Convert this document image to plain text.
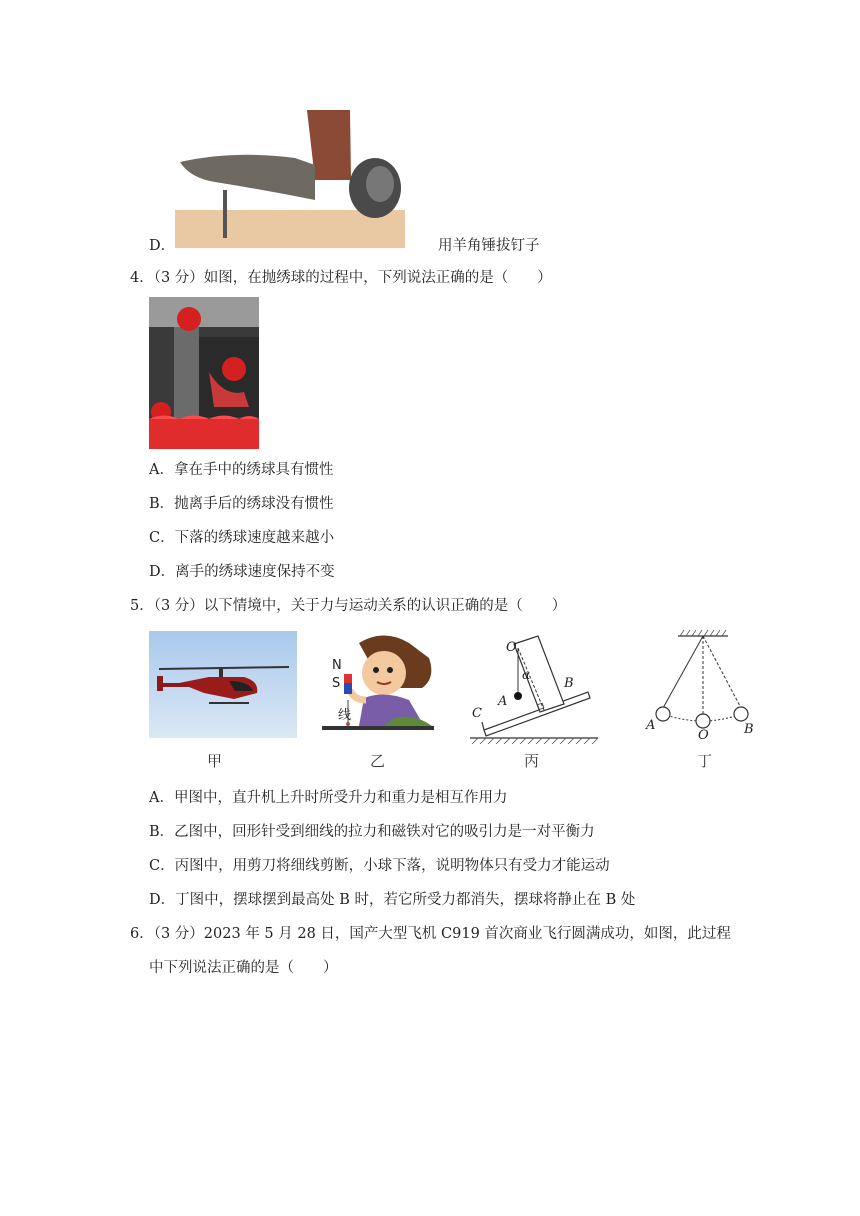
D．	用羊角锤拔钉子
4．（3 分）如图，在抛绣球的过程中，下列说法正确的是（　　）
A．拿在手中的绣球具有惯性
B．抛离手后的绣球没有惯性
C．下落的绣球速度越来越小
D．离手的绣球速度保持不变
5．（3 分）以下情境中，关于力与运动关系的认识正确的是（　　）
甲
N
S
线
乙
O
α
A
B
C
丙
A
O	B
丁
A．甲图中，直升机上升时所受升力和重力是相互作用力
B．乙图中，回形针受到细线的拉力和磁铁对它的吸引力是一对平衡力
C．丙图中，用剪刀将细线剪断，小球下落，说明物体只有受力才能运动
D．丁图中，摆球摆到最高处 B 时，若它所受力都消失，摆球将静止在 B 处
6．（3 分）2023 年 5 月 28 日，国产大型飞机 C919 首次商业飞行圆满成功，如图，此过程
中下列说法正确的是（　　）
